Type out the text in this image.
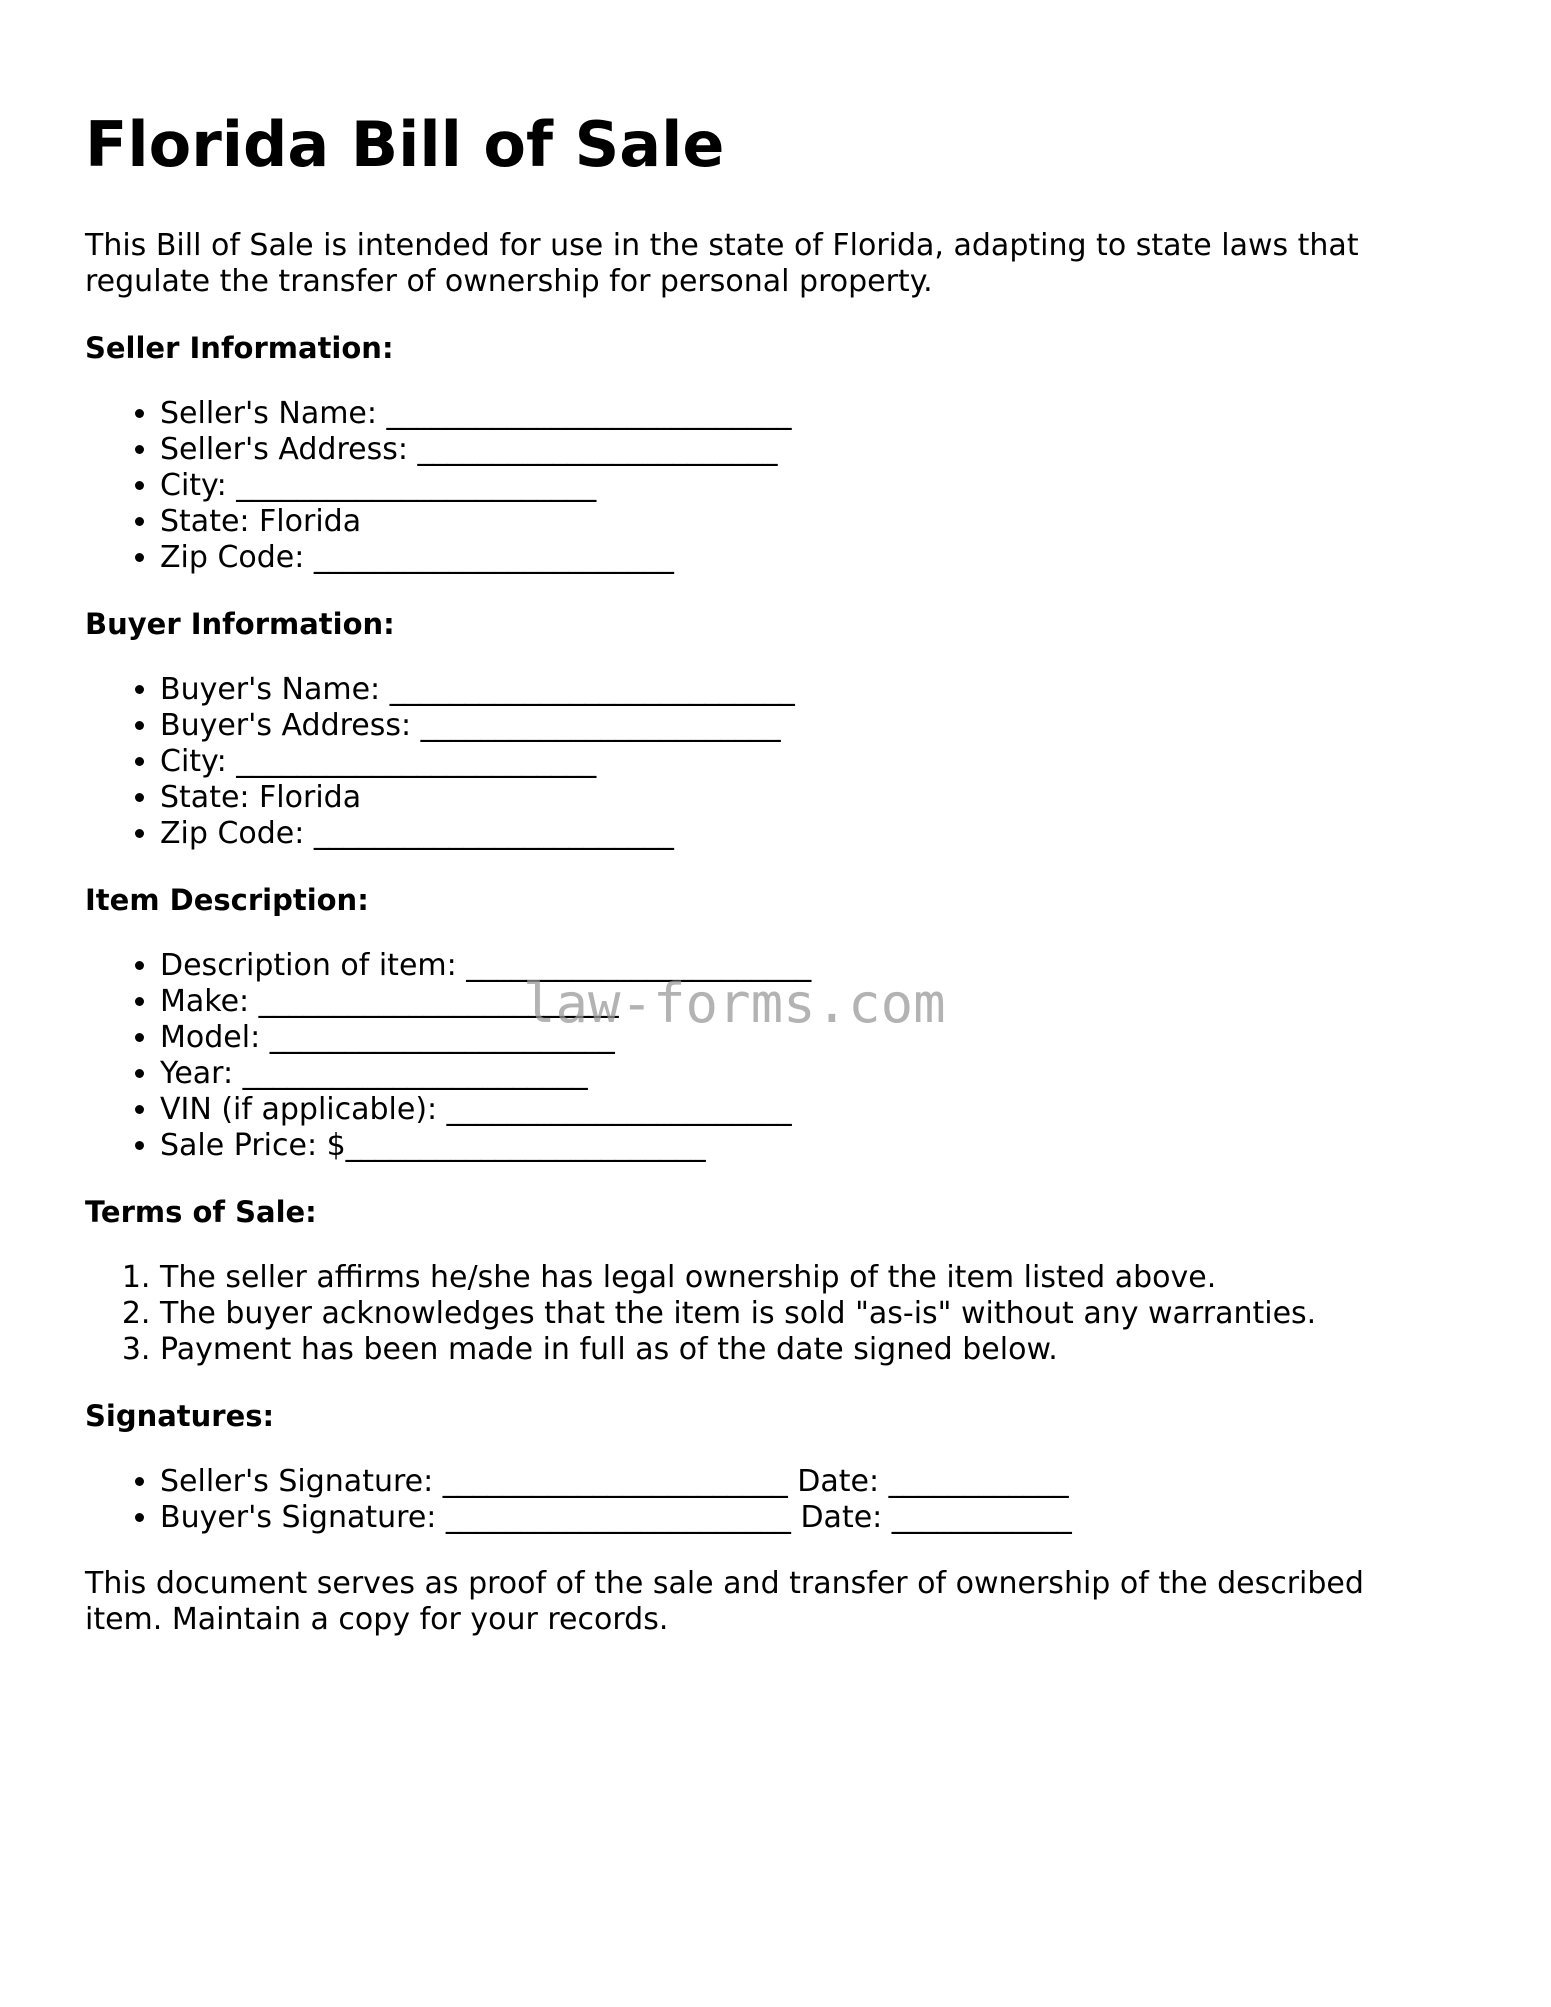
Florida Bill of Sale

This Bill of Sale is intended for use in the state of Florida, adapting to state laws that regulate the transfer of ownership for personal property.

Seller Information:
• Seller's Name: ___________________________
• Seller's Address: ________________________
• City: ________________________
• State: Florida
• Zip Code: ________________________
Buyer Information:
• Buyer's Name: ___________________________
• Buyer's Address: ________________________
• City: ________________________
• State: Florida
• Zip Code: ________________________
Item Description:
• Description of item: _______________________
• Make: ________________________
• Model: _______________________
• Year: _______________________
• VIN (if applicable): _______________________
• Sale Price: $________________________
Terms of Sale:
1. The seller affirms he/she has legal ownership of the item listed above.
2. The buyer acknowledges that the item is sold "as-is" without any warranties.
3. Payment has been made in full as of the date signed below.
Signatures:
• Seller's Signature: _______________________ Date: ____________
• Buyer's Signature: _______________________ Date: ____________

This document serves as proof of the sale and transfer of ownership of the described item. Maintain a copy for your records.

law-forms.com
